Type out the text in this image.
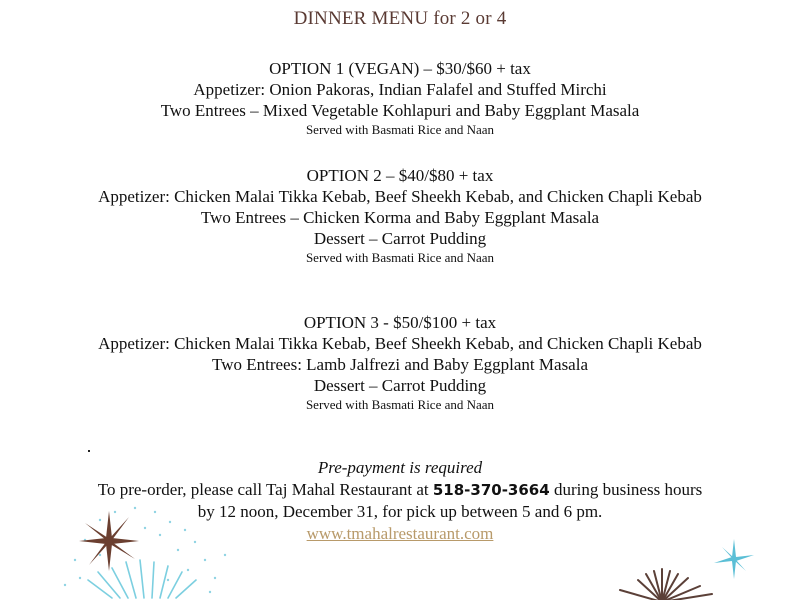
DINNER MENU for 2 or 4
OPTION 1 (VEGAN) – $30/$60 + tax
Appetizer: Onion Pakoras, Indian Falafel and Stuffed Mirchi
Two Entrees – Mixed Vegetable Kohlapuri and Baby Eggplant Masala
Served with Basmati Rice and Naan
OPTION 2 – $40/$80 + tax
Appetizer: Chicken Malai Tikka Kebab, Beef Sheekh Kebab, and Chicken Chapli Kebab
Two Entrees – Chicken Korma and Baby Eggplant Masala
Dessert – Carrot Pudding
Served with Basmati Rice and Naan
OPTION 3 - $50/$100 + tax
Appetizer: Chicken Malai Tikka Kebab, Beef Sheekh Kebab, and Chicken Chapli Kebab
Two Entrees: Lamb Jalfrezi and Baby Eggplant Masala
Dessert – Carrot Pudding
Served with Basmati Rice and Naan
Pre-payment is required
To pre-order, please call Taj Mahal Restaurant at 518-370-3664 during business hours
by 12 noon, December 31, for pick up between 5 and 6 pm.
www.tmahalrestaurant.com
